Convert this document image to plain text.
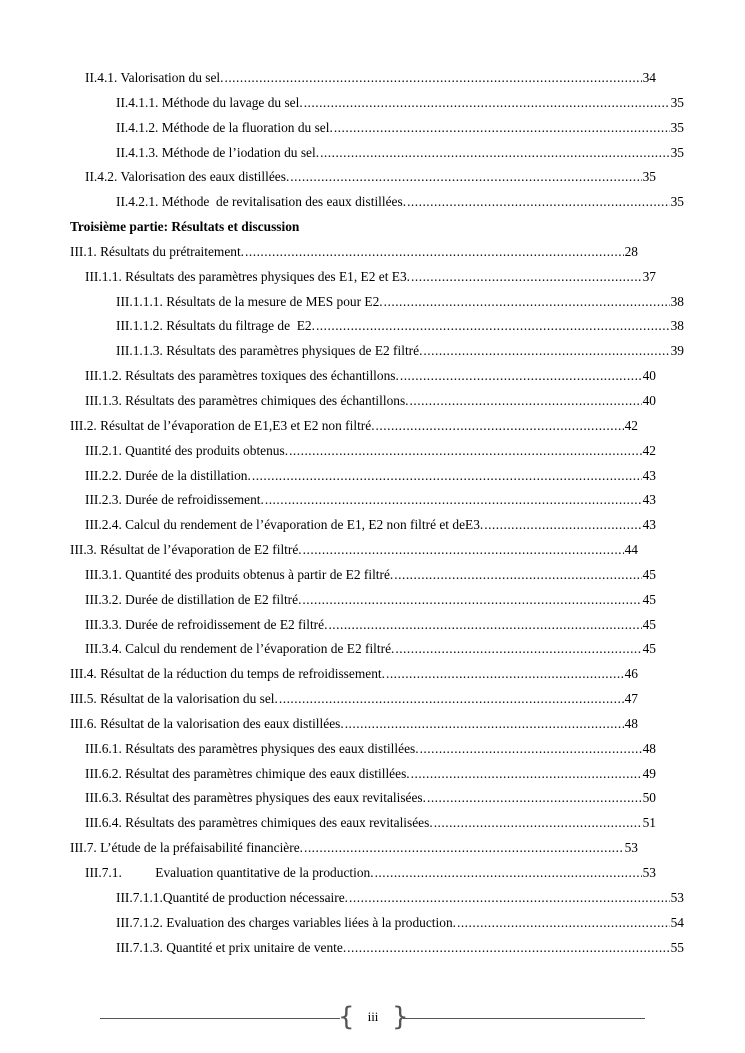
II.4.1. Valorisation du sel. .....	34
II.4.1.1. Méthode du lavage du sel. .....	35
II.4.1.2. Méthode de la fluoration du sel. .....	35
II.4.1.3. Méthode de l’iodation du sel. .....	35
II.4.2. Valorisation des eaux distillées. .....	35
II.4.2.1. Méthode  de revitalisation des eaux distillées. .....	35
Troisième partie: Résultats et discussion
III.1. Résultats du prétraitement. .....	28
III.1.1. Résultats des paramètres physiques des E1, E2 et E3. .....	37
III.1.1.1. Résultats de la mesure de MES pour E2. .....	38
III.1.1.2. Résultats du filtrage de  E2. .....	38
III.1.1.3. Résultats des paramètres physiques de E2 filtré. .....	39
III.1.2. Résultats des paramètres toxiques des échantillons. .....	40
III.1.3. Résultats des paramètres chimiques des échantillons. .....	40
III.2. Résultat de l’évaporation de E1,E3 et E2 non filtré. .....	42
III.2.1. Quantité des produits obtenus. .....	42
III.2.2. Durée de la distillation. .....	43
III.2.3. Durée de refroidissement. .....	43
III.2.4. Calcul du rendement de l’évaporation de E1, E2 non filtré et deE3. .....	43
III.3. Résultat de l’évaporation de E2 filtré. .....	44
III.3.1. Quantité des produits obtenus à partir de E2 filtré. .....	45
III.3.2. Durée de distillation de E2 filtré. .....	45
III.3.3. Durée de refroidissement de E2 filtré. .....	45
III.3.4. Calcul du rendement de l’évaporation de E2 filtré. .....	45
III.4. Résultat de la réduction du temps de refroidissement. .....	46
III.5. Résultat de la valorisation du sel. .....	47
III.6. Résultat de la valorisation des eaux distillées. .....	48
III.6.1. Résultats des paramètres physiques des eaux distillées. .....	48
III.6.2. Résultat des paramètres chimique des eaux distillées. .....	49
III.6.3. Résultat des paramètres physiques des eaux revitalisées. .....	50
III.6.4. Résultats des paramètres chimiques des eaux revitalisées. .....	51
III.7. L’étude de la préfaisabilité financière. .....	53
III.7.1.          Evaluation quantitative de la production. .....	53
III.7.1.1.Quantité de production nécessaire. .....	53
III.7.1.2. Evaluation des charges variables liées à la production. .....	54
III.7.1.3. Quantité et prix unitaire de vente. .....	55
{	iii }
